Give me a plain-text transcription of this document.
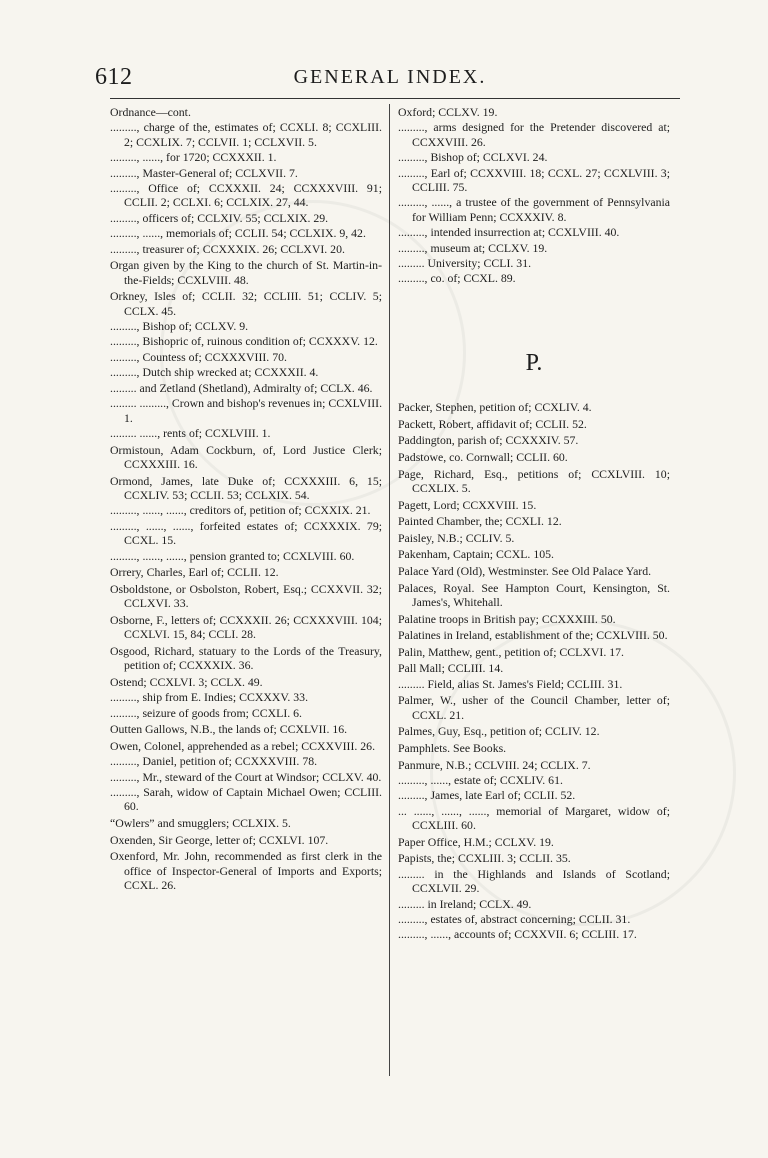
612	GENERAL INDEX.
Ordnance—cont.
........., charge of the, estimates of; CCXLI. 8; CCXLIII. 2; CCXLIX. 7; CCLVII. 1; CCLXVII. 5.
........., ......, for 1720; CCXXXII. 1.
........., Master-General of; CCLXVII. 7.
........., Office of; CCXXXII. 24; CCXXXVIII. 91; CCLII. 2; CCLXI. 6; CCLXIX. 27, 44.
........., officers of; CCLXIV. 55; CCLXIX. 29.
........., ......, memorials of; CCLII. 54; CCLXIX. 9, 42.
........., treasurer of; CCXXXIX. 26; CCLXVI. 20.
Organ given by the King to the church of St. Martin-in-the-Fields; CCXLVIII. 48.
Orkney, Isles of; CCLII. 32; CCLIII. 51; CCLIV. 5; CCLX. 45.
........., Bishop of; CCLXV. 9.
........., Bishopric of, ruinous condition of; CCXXXV. 12.
........., Countess of; CCXXXVIII. 70.
........., Dutch ship wrecked at; CCXXXII. 4.
......... and Zetland (Shetland), Admiralty of; CCLX. 46.
......... ........., Crown and bishop's revenues in; CCXLVIII. 1.
......... ......, rents of; CCXLVIII. 1.
Ormistoun, Adam Cockburn, of, Lord Justice Clerk; CCXXXIII. 16.
Ormond, James, late Duke of; CCXXXIII. 6, 15; CCXLIV. 53; CCLII. 53; CCLXIX. 54.
........., ......, ......, creditors of, petition of; CCXXIX. 21.
........., ......, ......, forfeited estates of; CCXXXIX. 79; CCXL. 15.
........., ......, ......, pension granted to; CCXLVIII. 60.
Orrery, Charles, Earl of; CCLII. 12.
Osboldstone, or Osbolston, Robert, Esq.; CCXXVII. 32; CCLXVI. 33.
Osborne, F., letters of; CCXXXII. 26; CCXXXVIII. 104; CCXLVI. 15, 84; CCLI. 28.
Osgood, Richard, statuary to the Lords of the Treasury, petition of; CCXXXIX. 36.
Ostend; CCXLVI. 3; CCLX. 49.
........., ship from E. Indies; CCXXXV. 33.
........., seizure of goods from; CCXLI. 6.
Outten Gallows, N.B., the lands of; CCXLVII. 16.
Owen, Colonel, apprehended as a rebel; CCXXVIII. 26.
........., Daniel, petition of; CCXXXVIII. 78.
........., Mr., steward of the Court at Windsor; CCLXV. 40.
........., Sarah, widow of Captain Michael Owen; CCLIII. 60.
“Owlers” and smugglers; CCLXIX. 5.
Oxenden, Sir George, letter of; CCXLVI. 107.
Oxenford, Mr. John, recommended as first clerk in the office of Inspector-General of Imports and Exports; CCXL. 26.
Oxford; CCLXV. 19.
........., arms designed for the Pretender discovered at; CCXXVIII. 26.
........., Bishop of; CCLXVI. 24.
........., Earl of; CCXXVIII. 18; CCXL. 27; CCXLVIII. 3; CCLIII. 75.
........., ......, a trustee of the government of Pennsylvania for William Penn; CCXXXIV. 8.
........., intended insurrection at; CCXLVIII. 40.
........., museum at; CCLXV. 19.
......... University; CCLI. 31.
........., co. of; CCXL. 89.
P.
Packer, Stephen, petition of; CCXLIV. 4.
Packett, Robert, affidavit of; CCLII. 52.
Paddington, parish of; CCXXXIV. 57.
Padstowe, co. Cornwall; CCLII. 60.
Page, Richard, Esq., petitions of; CCXLVIII. 10; CCXLIX. 5.
Pagett, Lord; CCXXVIII. 15.
Painted Chamber, the; CCXLI. 12.
Paisley, N.B.; CCLIV. 5.
Pakenham, Captain; CCXL. 105.
Palace Yard (Old), Westminster. See Old Palace Yard.
Palaces, Royal. See Hampton Court, Kensington, St. James's, Whitehall.
Palatine troops in British pay; CCXXXIII. 50.
Palatines in Ireland, establishment of the; CCXLVIII. 50.
Palin, Matthew, gent., petition of; CCLXVI. 17.
Pall Mall; CCLIII. 14.
......... Field, alias St. James's Field; CCLIII. 31.
Palmer, W., usher of the Council Chamber, letter of; CCXL. 21.
Palmes, Guy, Esq., petition of; CCLIV. 12.
Pamphlets. See Books.
Panmure, N.B.; CCLVIII. 24; CCLIX. 7.
........., ......, estate of; CCXLIV. 61.
........., James, late Earl of; CCLII. 52.
... ......, ......, ......, memorial of Margaret, widow of; CCXLIII. 60.
Paper Office, H.M.; CCLXV. 19.
Papists, the; CCXLIII. 3; CCLII. 35.
......... in the Highlands and Islands of Scotland; CCXLVII. 29.
......... in Ireland; CCLX. 49.
........., estates of, abstract concerning; CCLII. 31.
........., ......, accounts of; CCXXVII. 6; CCLIII. 17.
